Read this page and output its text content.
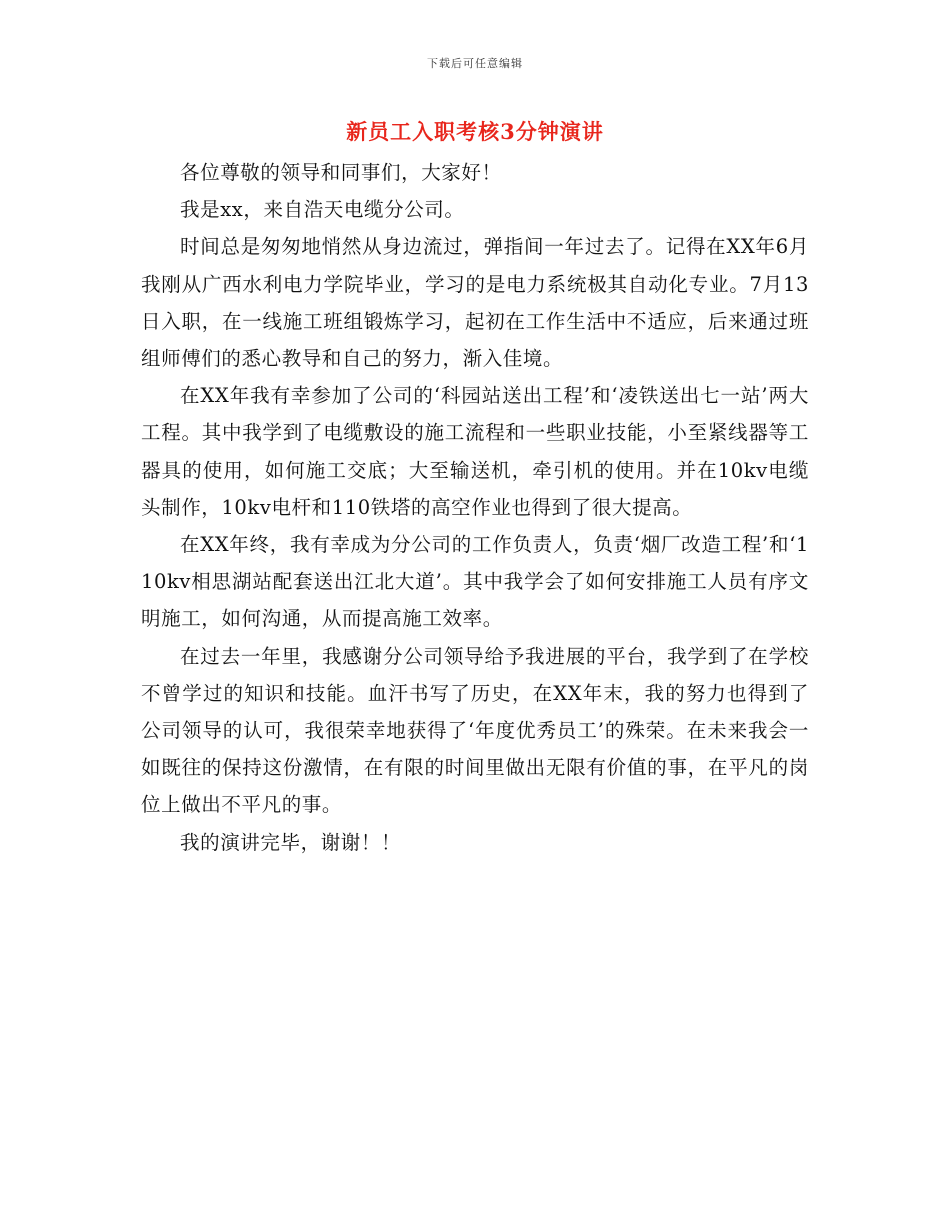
下载后可任意编辑
新员工入职考核3分钟演讲

各位尊敬的领导和同事们，大家好！

我是xx，来自浩天电缆分公司。

时间总是匆匆地悄然从身边流过，弹指间一年过去了。记得在XX年6月我刚从广西水利电力学院毕业，学习的是电力系统极其自动化专业。7月13日入职，在一线施工班组锻炼学习，起初在工作生活中不适应，后来通过班组师傅们的悉心教导和自己的努力，渐入佳境。

在XX年我有幸参加了公司的‘科园站送出工程’和‘凌铁送出七一站’两大工程。其中我学到了电缆敷设的施工流程和一些职业技能，小至紧线器等工器具的使用，如何施工交底；大至输送机，牵引机的使用。并在10kv电缆头制作，10kv电杆和110铁塔的高空作业也得到了很大提高。

在XX年终，我有幸成为分公司的工作负责人，负责‘烟厂改造工程’和‘110kv相思湖站配套送出江北大道’。其中我学会了如何安排施工人员有序文明施工，如何沟通，从而提高施工效率。

在过去一年里，我感谢分公司领导给予我进展的平台，我学到了在学校不曾学过的知识和技能。血汗书写了历史，在XX年末，我的努力也得到了公司领导的认可，我很荣幸地获得了‘年度优秀员工’的殊荣。在未来我会一如既往的保持这份激情，在有限的时间里做出无限有价值的事，在平凡的岗位上做出不平凡的事。

我的演讲完毕，谢谢！！
